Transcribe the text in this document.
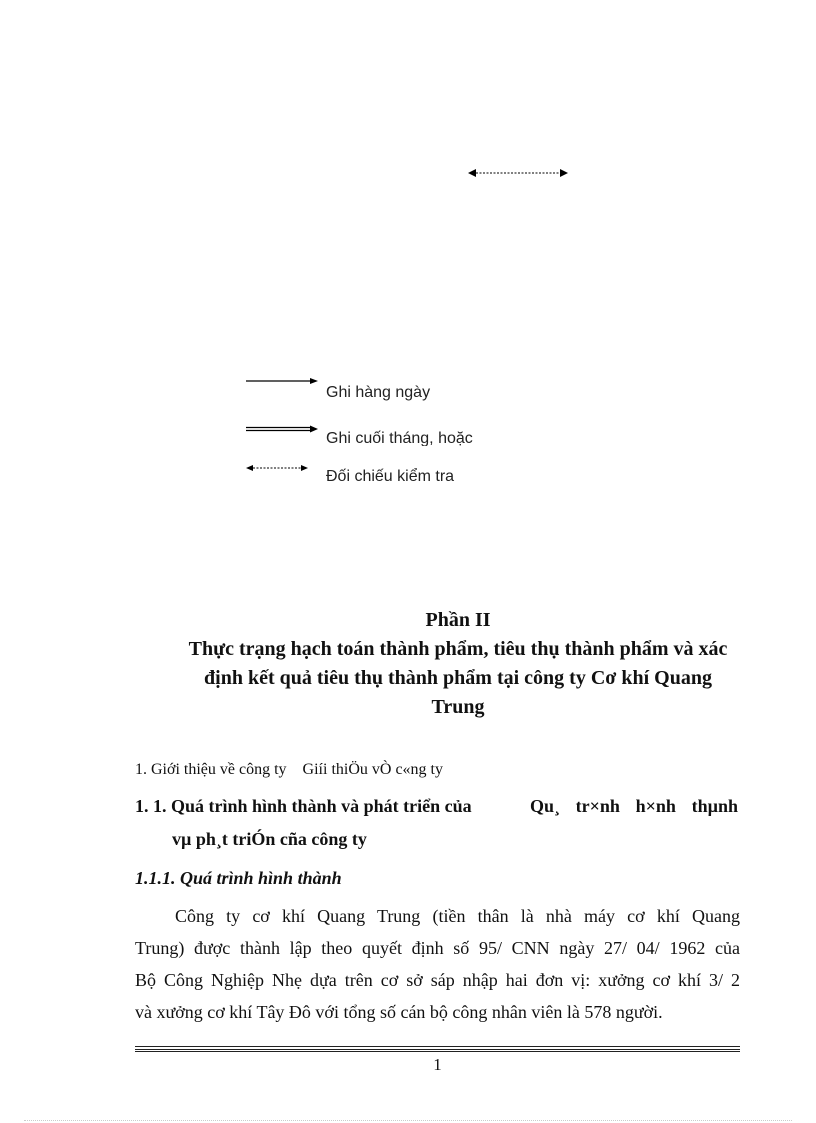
Ghi hàng ngày
Ghi cuối tháng, hoặc
Đối chiếu kiểm tra
Phần II
Thực trạng hạch toán thành phẩm, tiêu thụ thành phẩm và xác
định kết quả tiêu thụ thành phẩm tại công ty Cơ khí Quang
Trung
1. Giới thiệu về công ty Giíi thiÖu vÒ c«ng ty
1. 1. Quá trình hình thành và phát triển của	Qu¸ tr×nh h×nh thµnh
vµ ph¸t triÓn cña công ty
1.1.1. Quá trình hình thành
Công ty cơ khí Quang Trung (tiền thân là nhà máy cơ khí Quang
Trung) được thành lập theo quyết định số 95/ CNN ngày 27/ 04/ 1962 của
Bộ Công Nghiệp Nhẹ dựa trên cơ sở sáp nhập hai đơn vị: xưởng cơ khí 3/ 2
và xưởng cơ khí Tây Đô với tổng số cán bộ công nhân viên là 578 người.
1
